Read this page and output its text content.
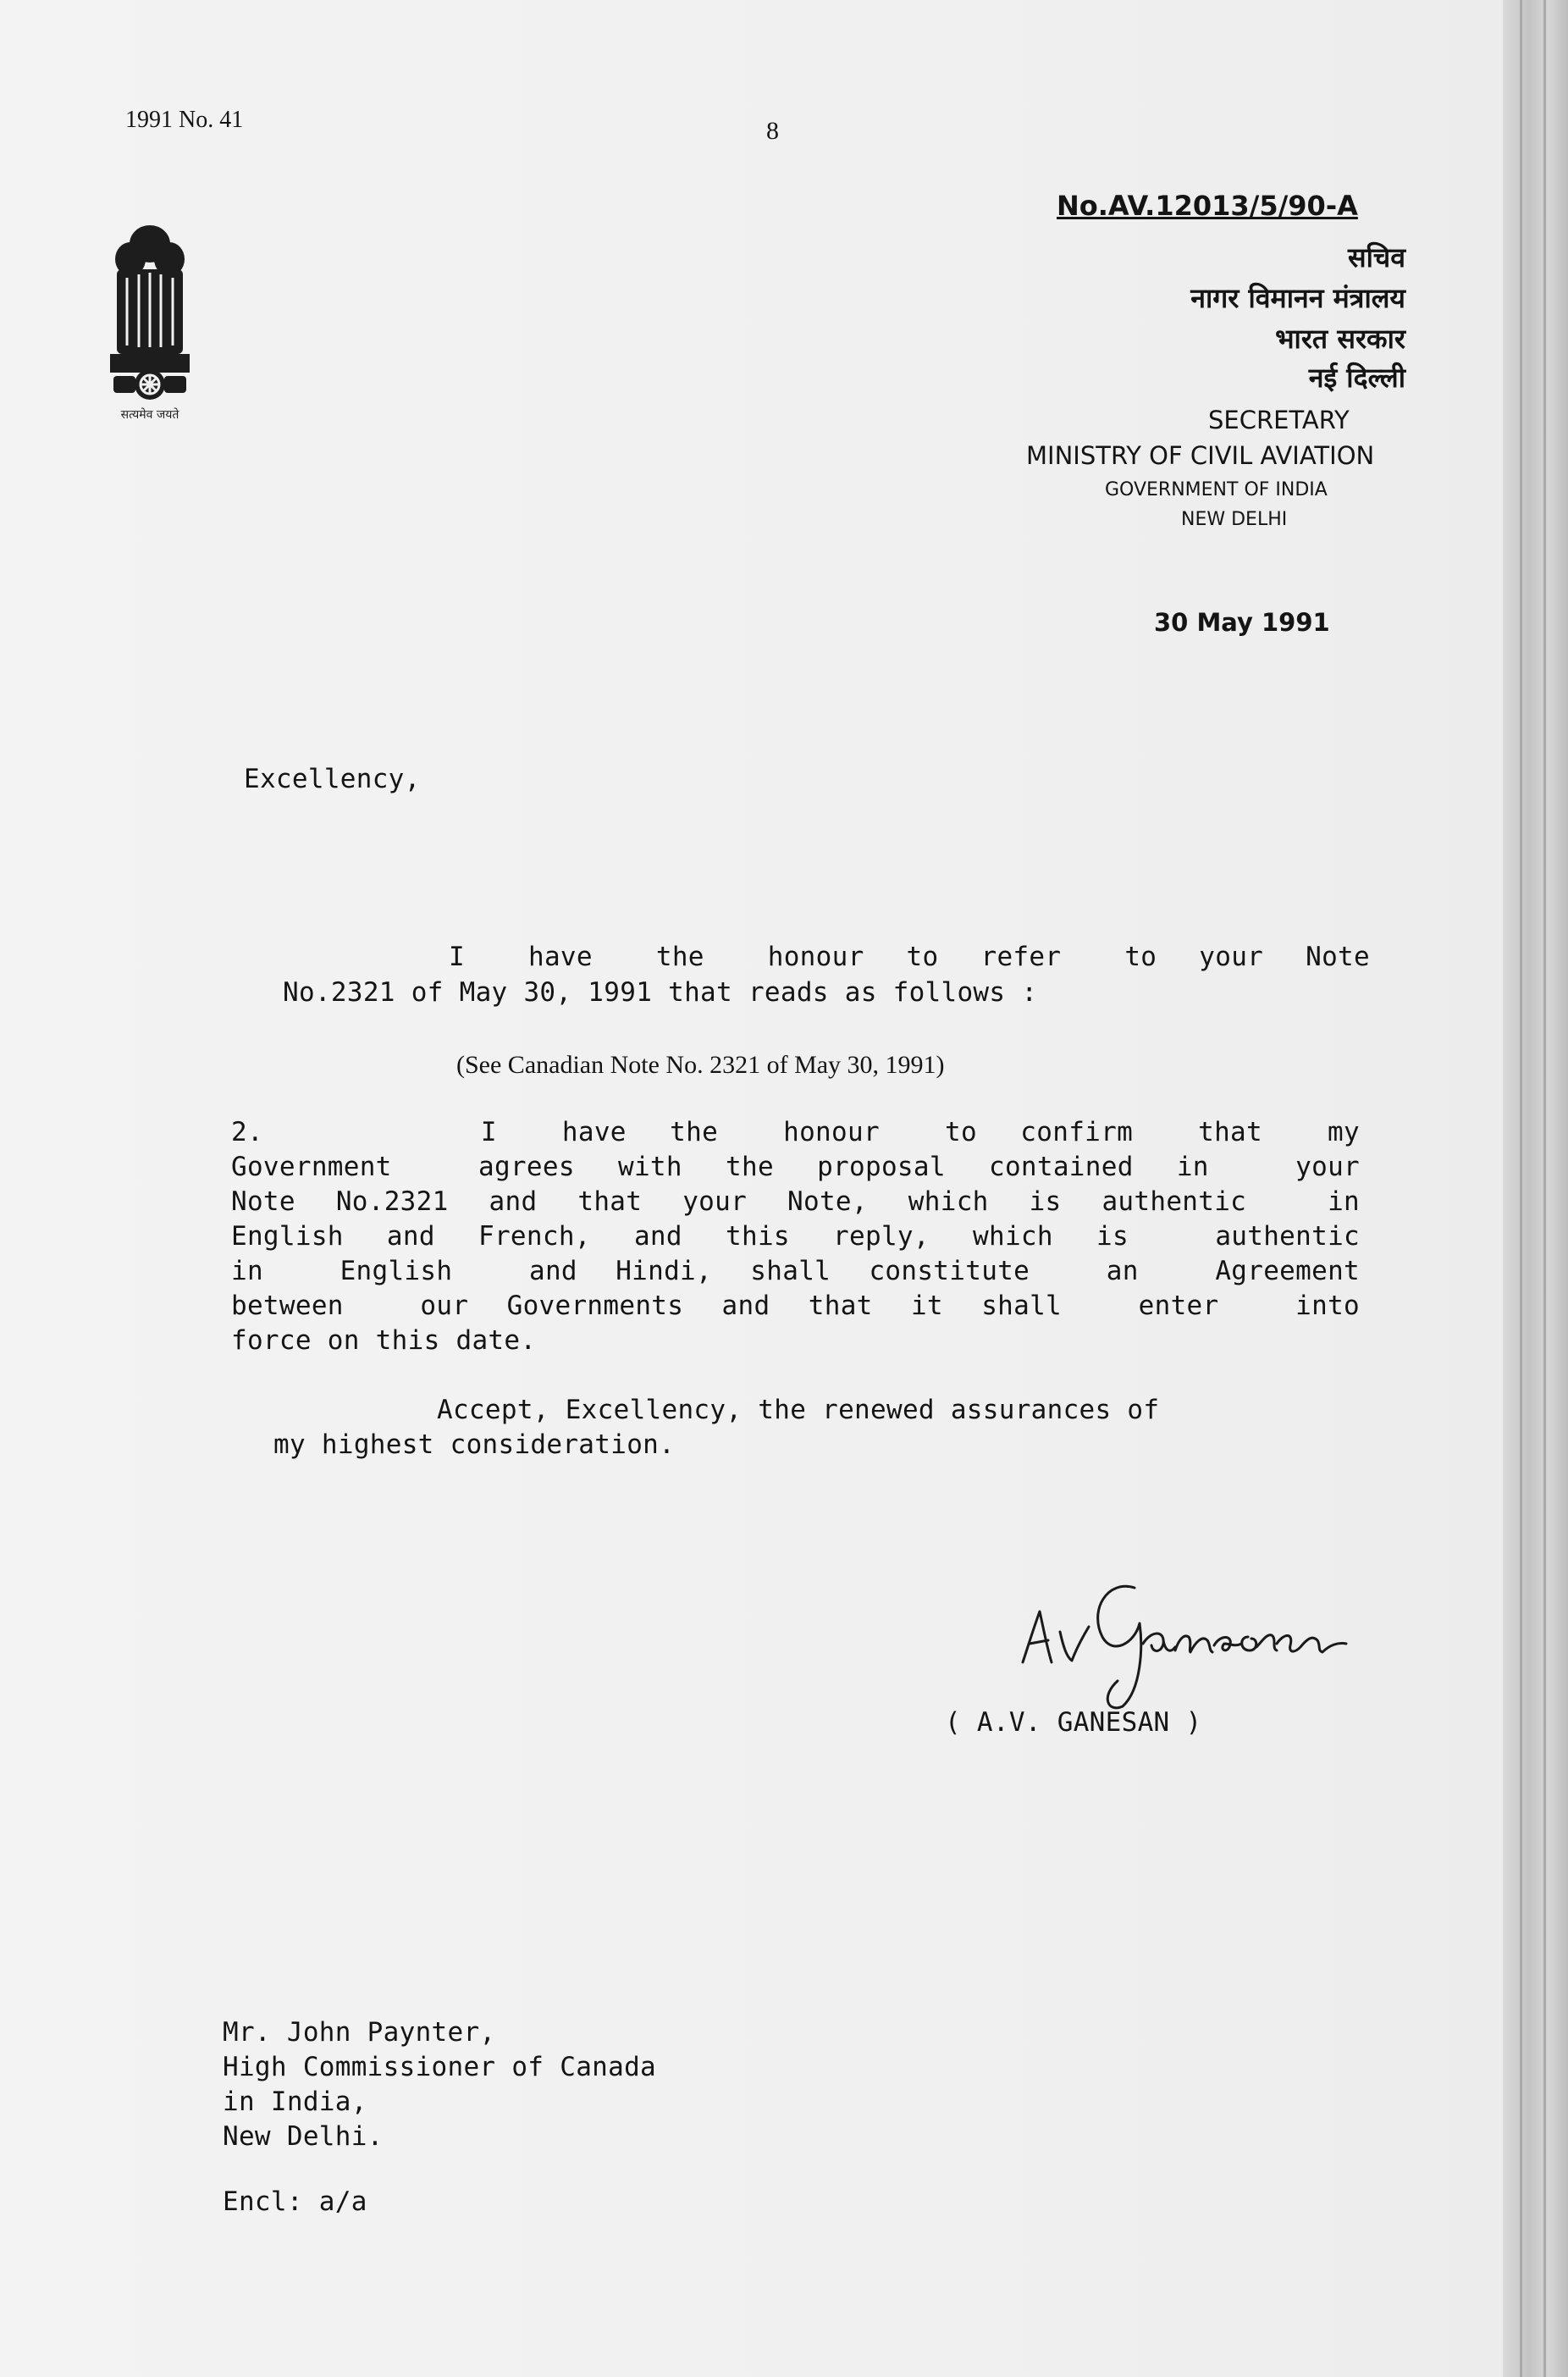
1991 No. 41	8
सत्यमेव जयते
No.AV.12013/5/90-A
सचिव
नागर विमानन मंत्रालय
भारत सरकार
नई दिल्ली
SECRETARY
MINISTRY OF CIVIL AVIATION
GOVERNMENT OF INDIA
NEW DELHI
30 May 1991
Excellency,
I   have   the   honour  to  refer   to  your  Note
No.2321 of May 30, 1991 that reads as follows :
(See Canadian Note No. 2321 of May 30, 1991)
2.          I   have  the   honour   to  confirm   that   my
Government  agrees with the proposal contained in  your
Note No.2321 and that your Note, which is authentic  in
English and French, and this reply, which is  authentic
in  English  and Hindi, shall constitute  an  Agreement
between  our Governments and that it shall  enter  into
force on this date.
Accept, Excellency, the renewed assurances of
my highest consideration.
( A.V. GANESAN )
Mr. John Paynter,
High Commissioner of Canada
in India,
New Delhi.
Encl: a/a
